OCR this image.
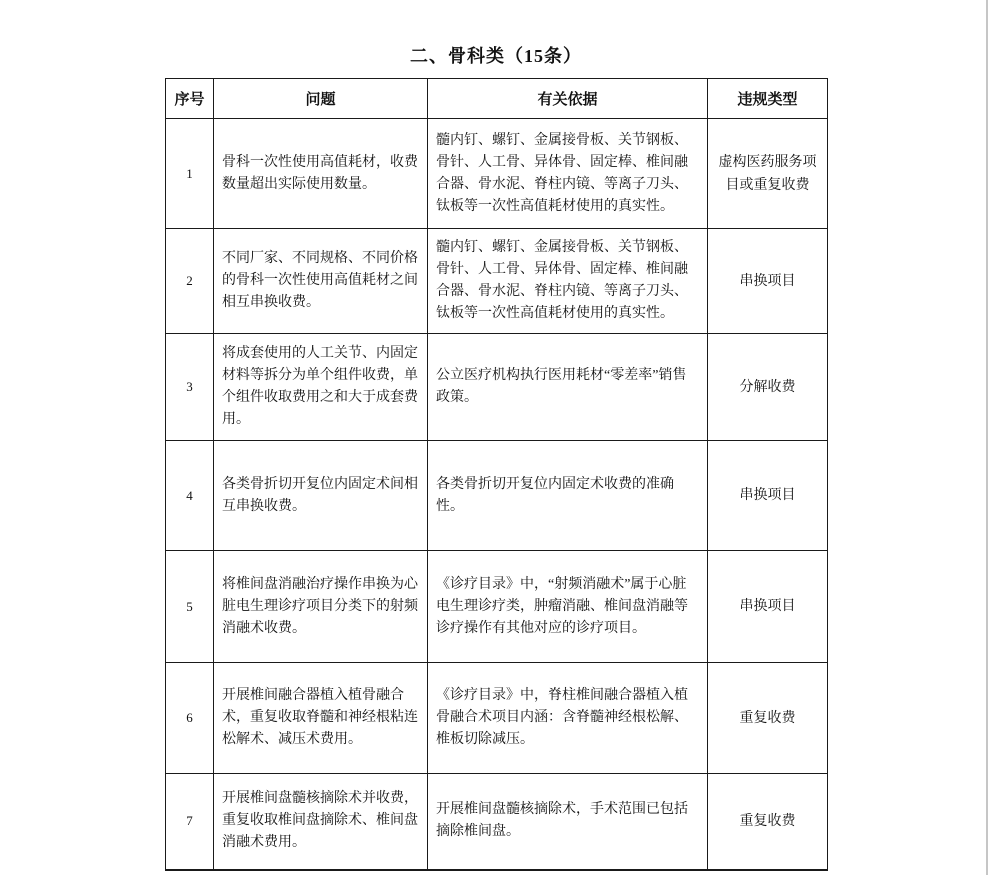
二、骨科类（15条）
序号	问题	有关依据	违规类型
1	骨科一次性使用高值耗材，收费数量超出实际使用数量。	髓内钉、螺钉、金属接骨板、关节钢板、骨针、人工骨、异体骨、固定棒、椎间融合器、骨水泥、脊柱内镜、等离子刀头、钛板等一次性高值耗材使用的真实性。	虚构医药服务项目或重复收费
2	不同厂家、不同规格、不同价格的骨科一次性使用高值耗材之间相互串换收费。	髓内钉、螺钉、金属接骨板、关节钢板、骨针、人工骨、异体骨、固定棒、椎间融合器、骨水泥、脊柱内镜、等离子刀头、钛板等一次性高值耗材使用的真实性。	串换项目
3	将成套使用的人工关节、内固定材料等拆分为单个组件收费，单个组件收取费用之和大于成套费用。	公立医疗机构执行医用耗材“零差率”销售政策。	分解收费
4	各类骨折切开复位内固定术间相互串换收费。	各类骨折切开复位内固定术收费的准确性。	串换项目
5	将椎间盘消融治疗操作串换为心脏电生理诊疗项目分类下的射频消融术收费。	《诊疗目录》中，“射频消融术”属于心脏电生理诊疗类，肿瘤消融、椎间盘消融等诊疗操作有其他对应的诊疗项目。	串换项目
6	开展椎间融合器植入植骨融合术，重复收取脊髓和神经根粘连松解术、减压术费用。	《诊疗目录》中，脊柱椎间融合器植入植骨融合术项目内涵：含脊髓神经根松解、椎板切除减压。	重复收费
7	开展椎间盘髓核摘除术并收费，重复收取椎间盘摘除术、椎间盘消融术费用。	开展椎间盘髓核摘除术，手术范围已包括摘除椎间盘。	重复收费
